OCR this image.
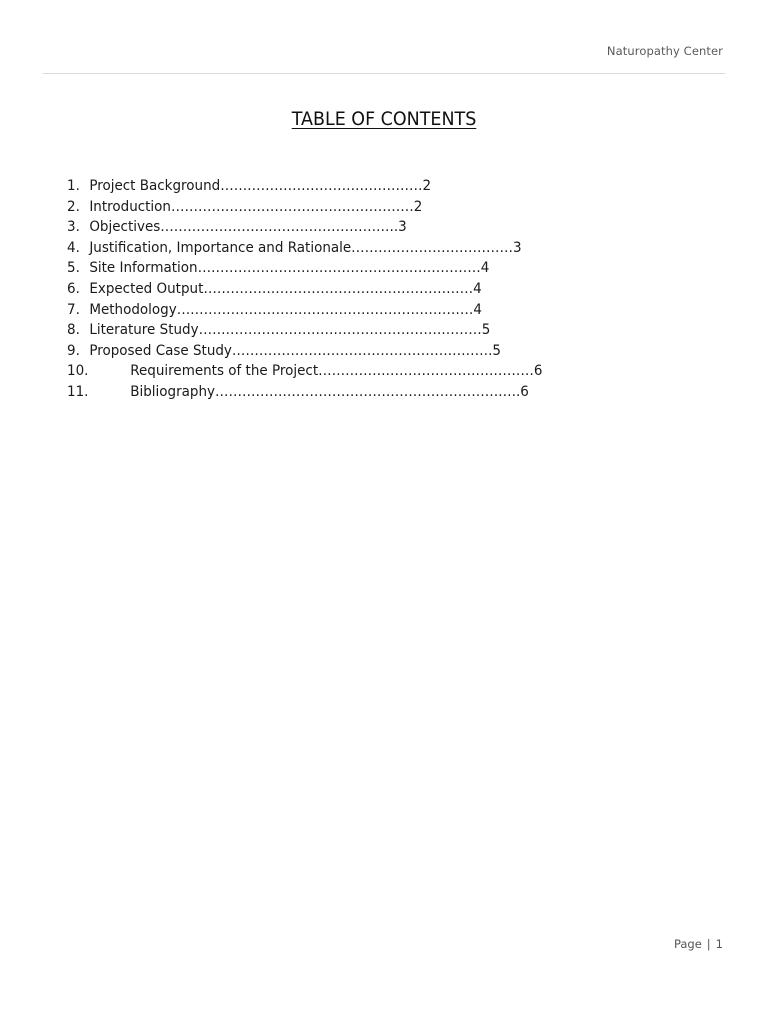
Naturopathy Center
TABLE OF CONTENTS
1. Project Background………………………………………2
2. Introduction………………………………………………2
3. Objectives……………………………………………..3
4. Justification, Importance and Rationale………………………………3
5. Site Information………………………………………………………4
6. Expected Output……………………………………………………4
7. Methodology…………………………………………………………4
8. Literature Study………………………………………………………5
9. Proposed Case Study………………………………………………….5
10.	Requirements of the Project…………………………………………6
11.	Bibliography…………………………………………………………..6
Page | 1
